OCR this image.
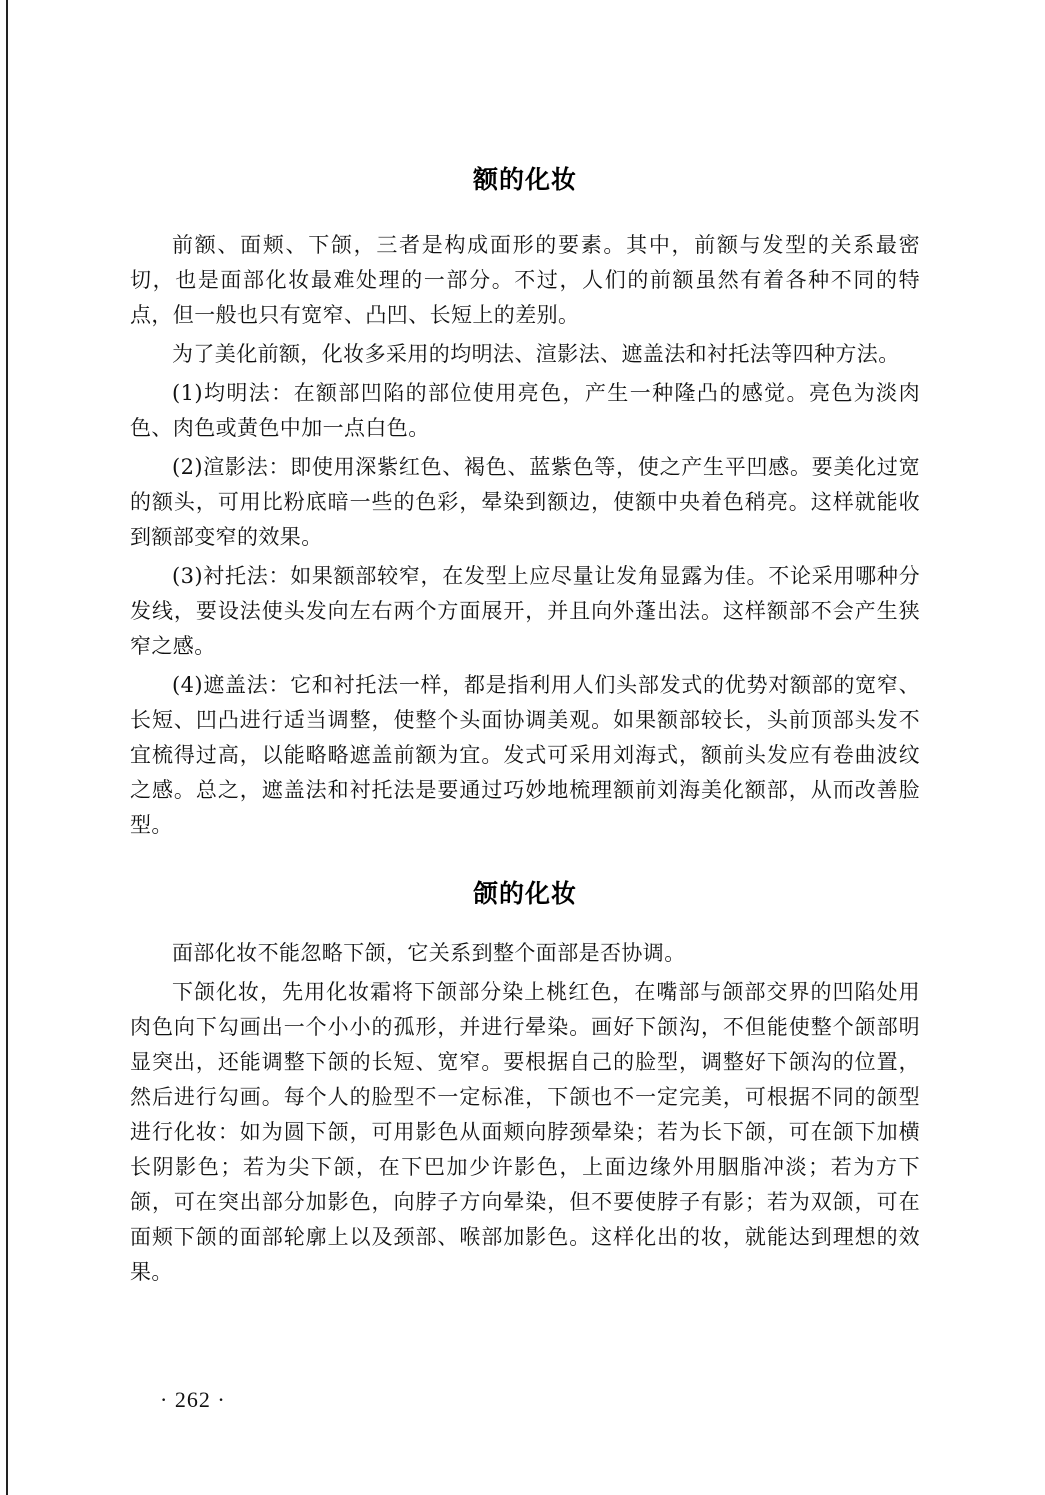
额的化妆

前额、面颊、下颌，三者是构成面形的要素。其中，前额与发型的关系最密切，也是面部化妆最难处理的一部分。不过，人们的前额虽然有着各种不同的特点，但一般也只有宽窄、凸凹、长短上的差别。

为了美化前额，化妆多采用的均明法、渲影法、遮盖法和衬托法等四种方法。

(1)均明法：在额部凹陷的部位使用亮色，产生一种隆凸的感觉。亮色为淡肉色、肉色或黄色中加一点白色。

(2)渲影法：即使用深紫红色、褐色、蓝紫色等，使之产生平凹感。要美化过宽的额头，可用比粉底暗一些的色彩，晕染到额边，使额中央着色稍亮。这样就能收到额部变窄的效果。

(3)衬托法：如果额部较窄，在发型上应尽量让发角显露为佳。不论采用哪种分发线，要设法使头发向左右两个方面展开，并且向外蓬出法。这样额部不会产生狭窄之感。

(4)遮盖法：它和衬托法一样，都是指利用人们头部发式的优势对额部的宽窄、长短、凹凸进行适当调整，使整个头面协调美观。如果额部较长，头前顶部头发不宜梳得过高，以能略略遮盖前额为宜。发式可采用刘海式，额前头发应有卷曲波纹之感。总之，遮盖法和衬托法是要通过巧妙地梳理额前刘海美化额部，从而改善脸型。

颌的化妆

面部化妆不能忽略下颌，它关系到整个面部是否协调。

下颌化妆，先用化妆霜将下颌部分染上桃红色，在嘴部与颌部交界的凹陷处用肉色向下勾画出一个小小的孤形，并进行晕染。画好下颌沟，不但能使整个颌部明显突出，还能调整下颌的长短、宽窄。要根据自己的脸型，调整好下颌沟的位置，然后进行勾画。每个人的脸型不一定标准，下颌也不一定完美，可根据不同的颌型进行化妆：如为圆下颌，可用影色从面颊向脖颈晕染；若为长下颌，可在颌下加横长阴影色；若为尖下颌，在下巴加少许影色，上面边缘外用胭脂冲淡；若为方下颌，可在突出部分加影色，向脖子方向晕染，但不要使脖子有影；若为双颌，可在面颊下颌的面部轮廓上以及颈部、喉部加影色。这样化出的妆，就能达到理想的效果。

· 262 ·
